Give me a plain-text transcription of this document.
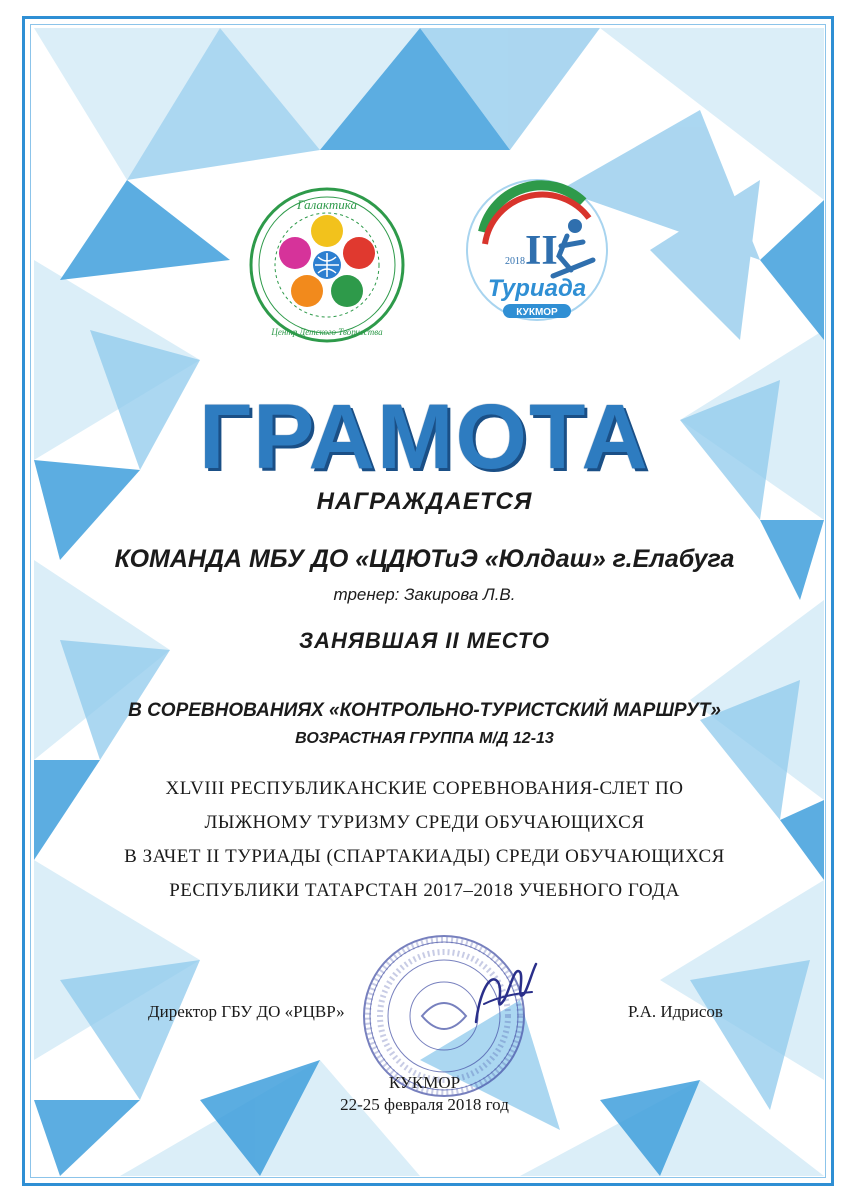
Галактика
Центр Детского Творчества
2018 II
Туриада
КУКМОР
ГРАМОТА
НАГРАЖДАЕТСЯ
КОМАНДА МБУ ДО «ЦДЮТиЭ «Юлдаш» г.Елабуга
тренер: Закирова Л.В.
ЗАНЯВШАЯ II МЕСТО
В СОРЕВНОВАНИЯХ «КОНТРОЛЬНО-ТУРИСТСКИЙ МАРШРУТ»
ВОЗРАСТНАЯ ГРУППА М/Д 12-13
XLVIII РЕСПУБЛИКАНСКИЕ СОРЕВНОВАНИЯ-СЛЕТ ПО
ЛЫЖНОМУ ТУРИЗМУ СРЕДИ ОБУЧАЮЩИХСЯ
В ЗАЧЕТ II ТУРИАДЫ (СПАРТАКИАДЫ) СРЕДИ ОБУЧАЮЩИХСЯ
РЕСПУБЛИКИ ТАТАРСТАН 2017–2018 УЧЕБНОГО ГОДА
Директор ГБУ ДО «РЦВР»	Р.А. Идрисов
КУКМОР
22-25 февраля 2018 год
